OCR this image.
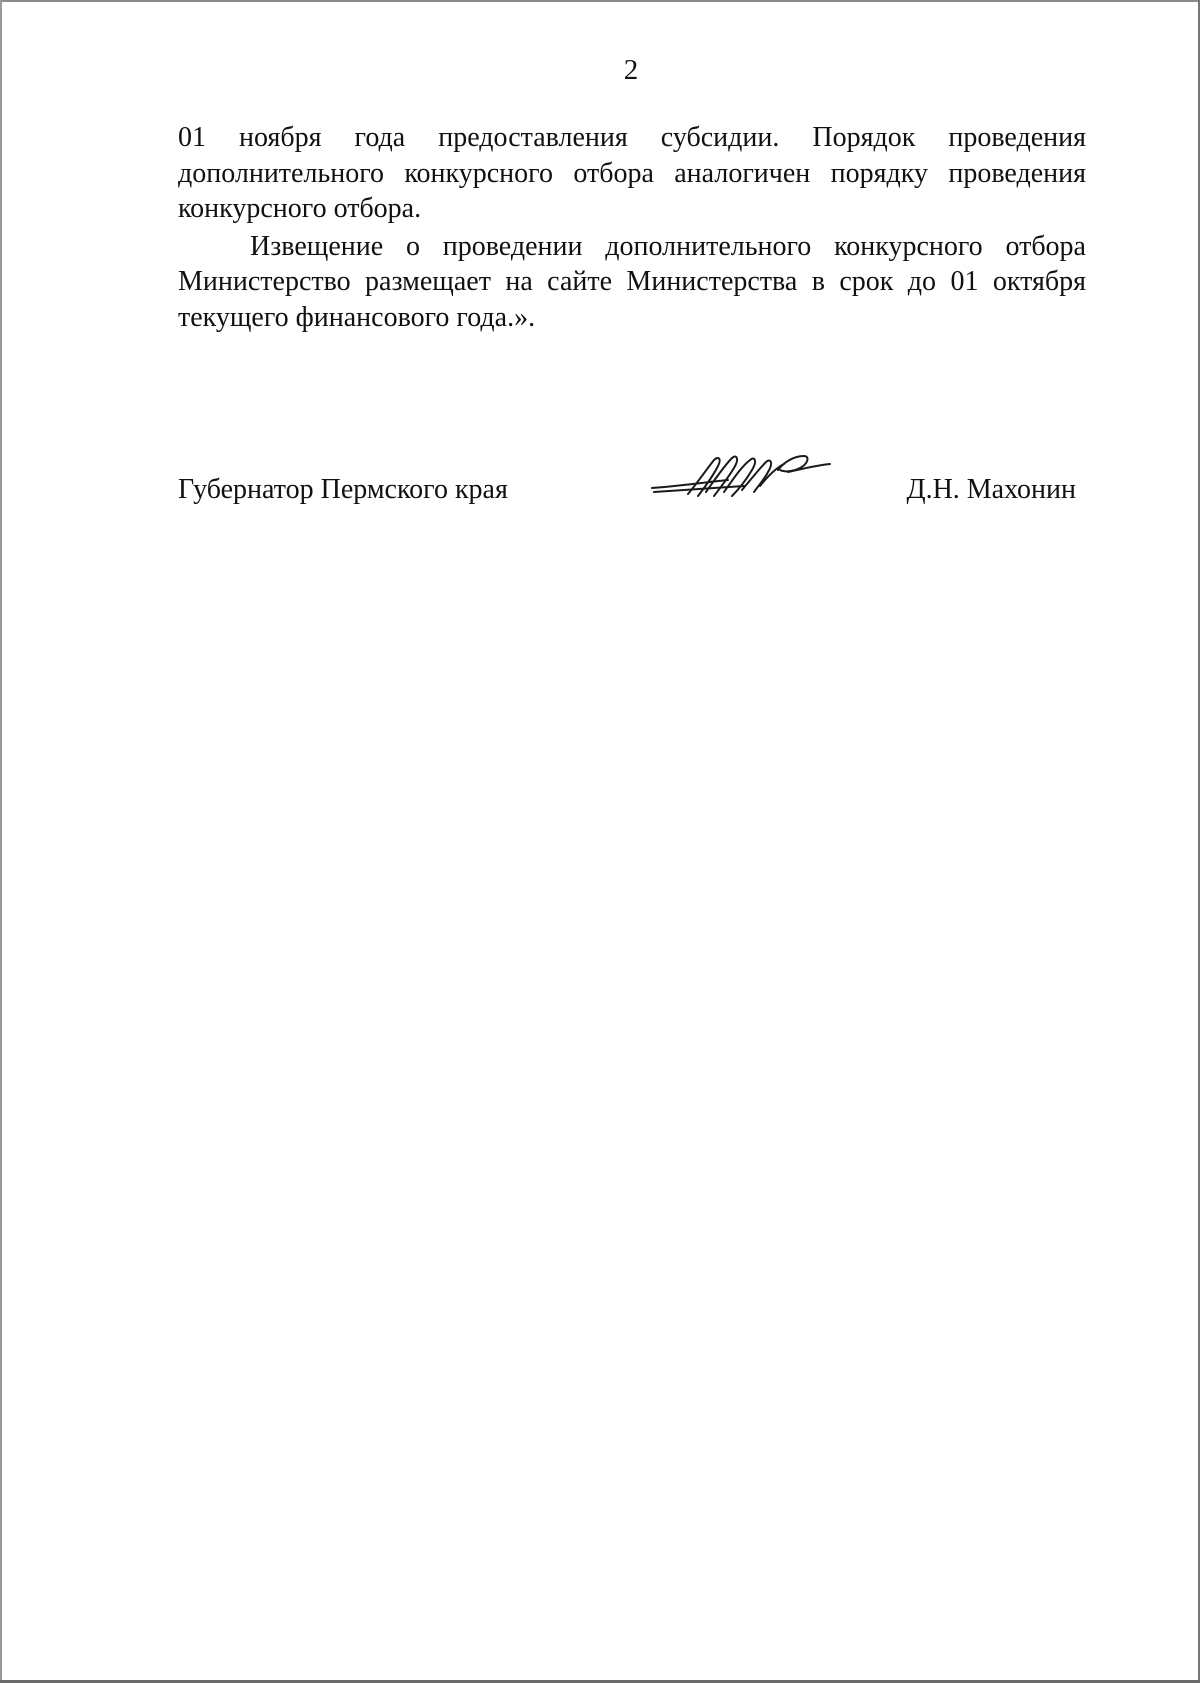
2

01 ноября года предоставления субсидии. Порядок проведения дополнительного конкурсного отбора аналогичен порядку проведения конкурсного отбора.

Извещение о проведении дополнительного конкурсного отбора Министерство размещает на сайте Министерства в срок до 01 октября текущего финансового года.».

Губернатор Пермского края	Д.Н. Махонин
